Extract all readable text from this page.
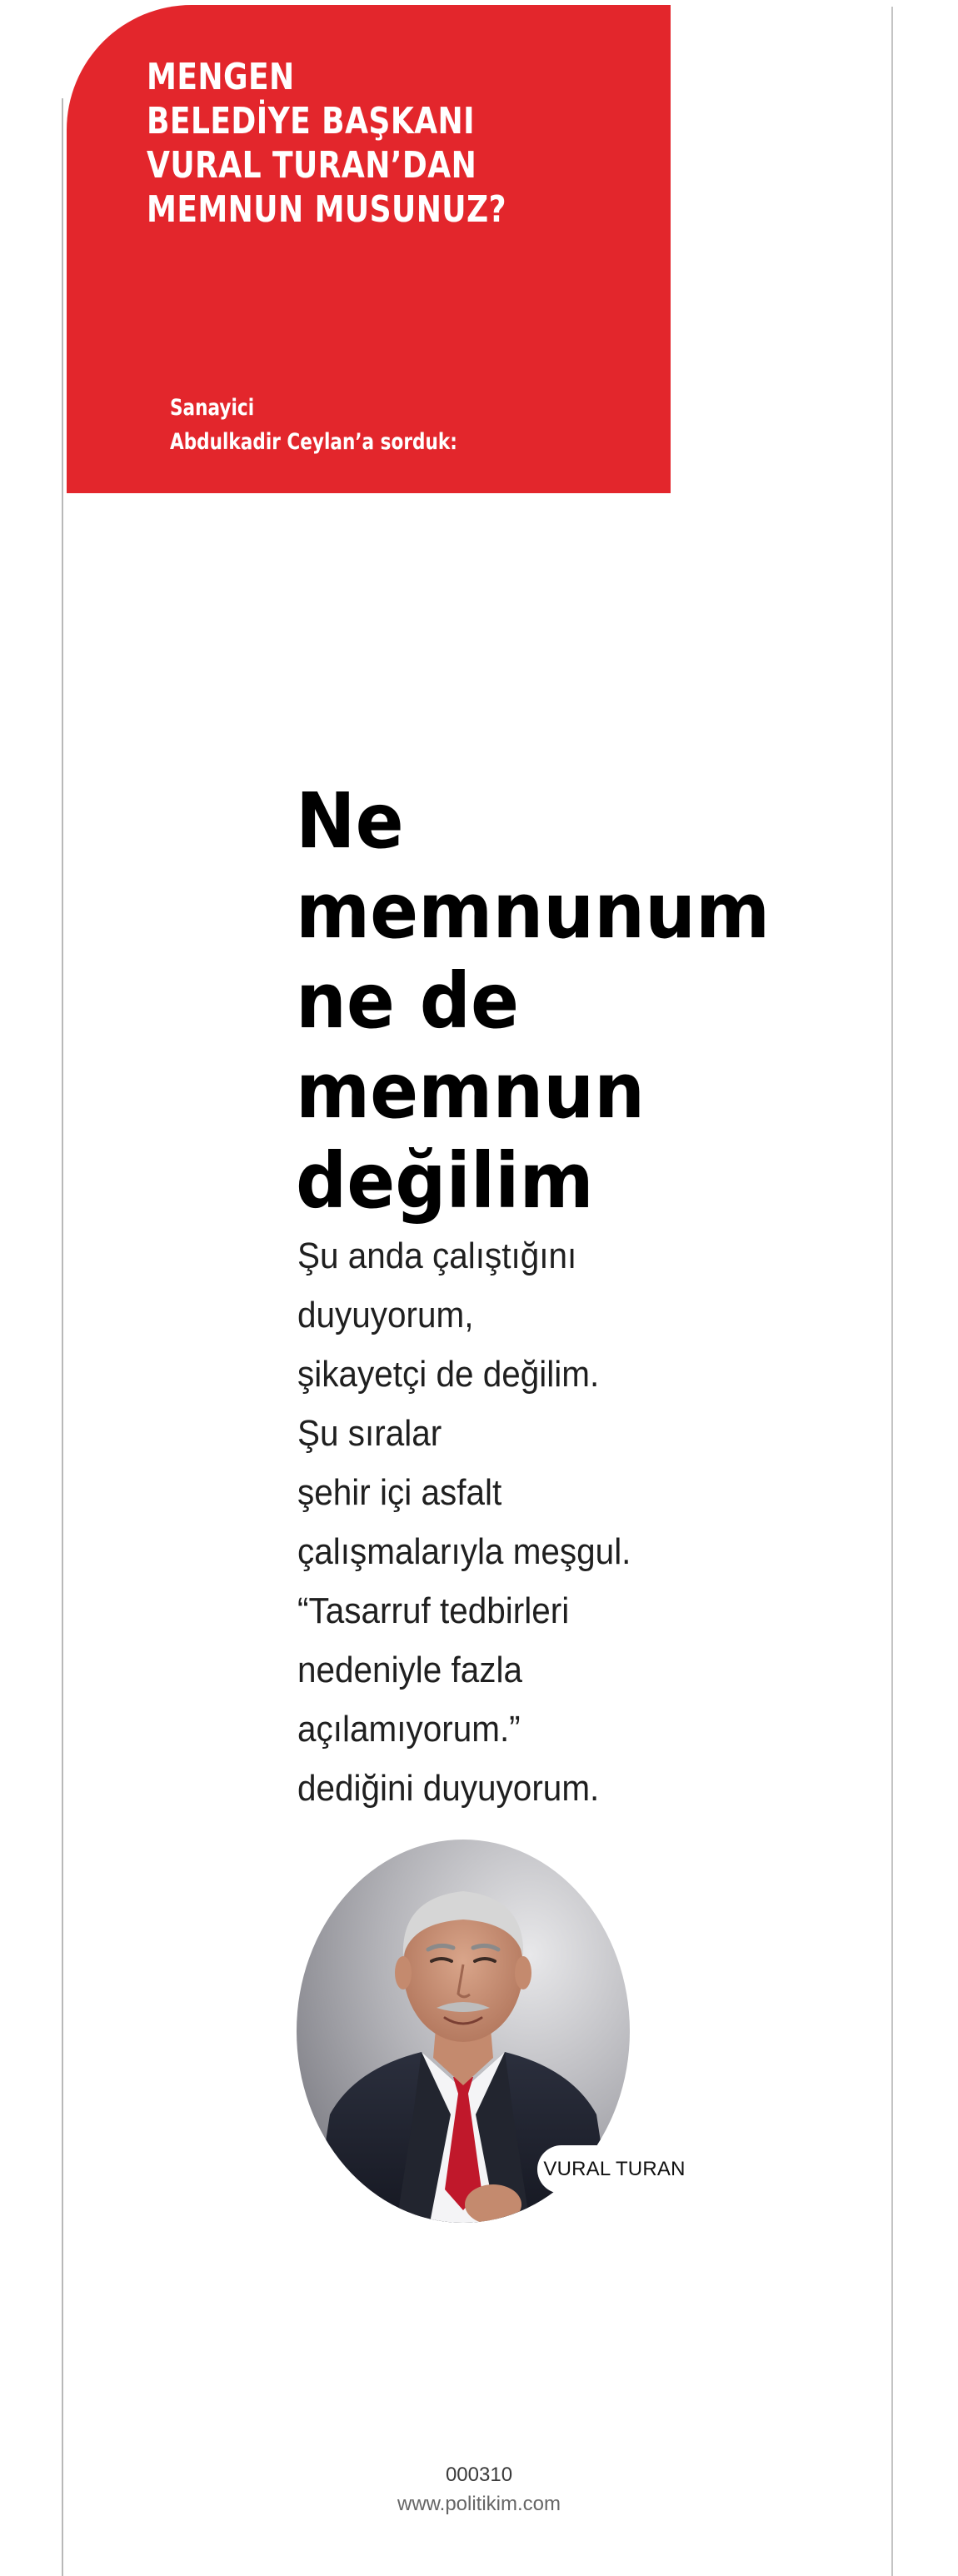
MENGEN
BELEDİYE BAŞKANI
VURAL TURAN’DAN
MEMNUN MUSUNUZ?

Sanayici
Abdulkadir Ceylan’a sorduk:

Ne
memnunum
ne de
memnun
değilim

Şu anda çalıştığını
duyuyorum,
şikayetçi de değilim.
Şu sıralar
şehir içi asfalt
çalışmalarıyla meşgul.
“Tasarruf tedbirleri
nedeniyle fazla
açılamıyorum.”
dediğini duyuyorum.

VURAL TURAN
000310
www.politikim.com
